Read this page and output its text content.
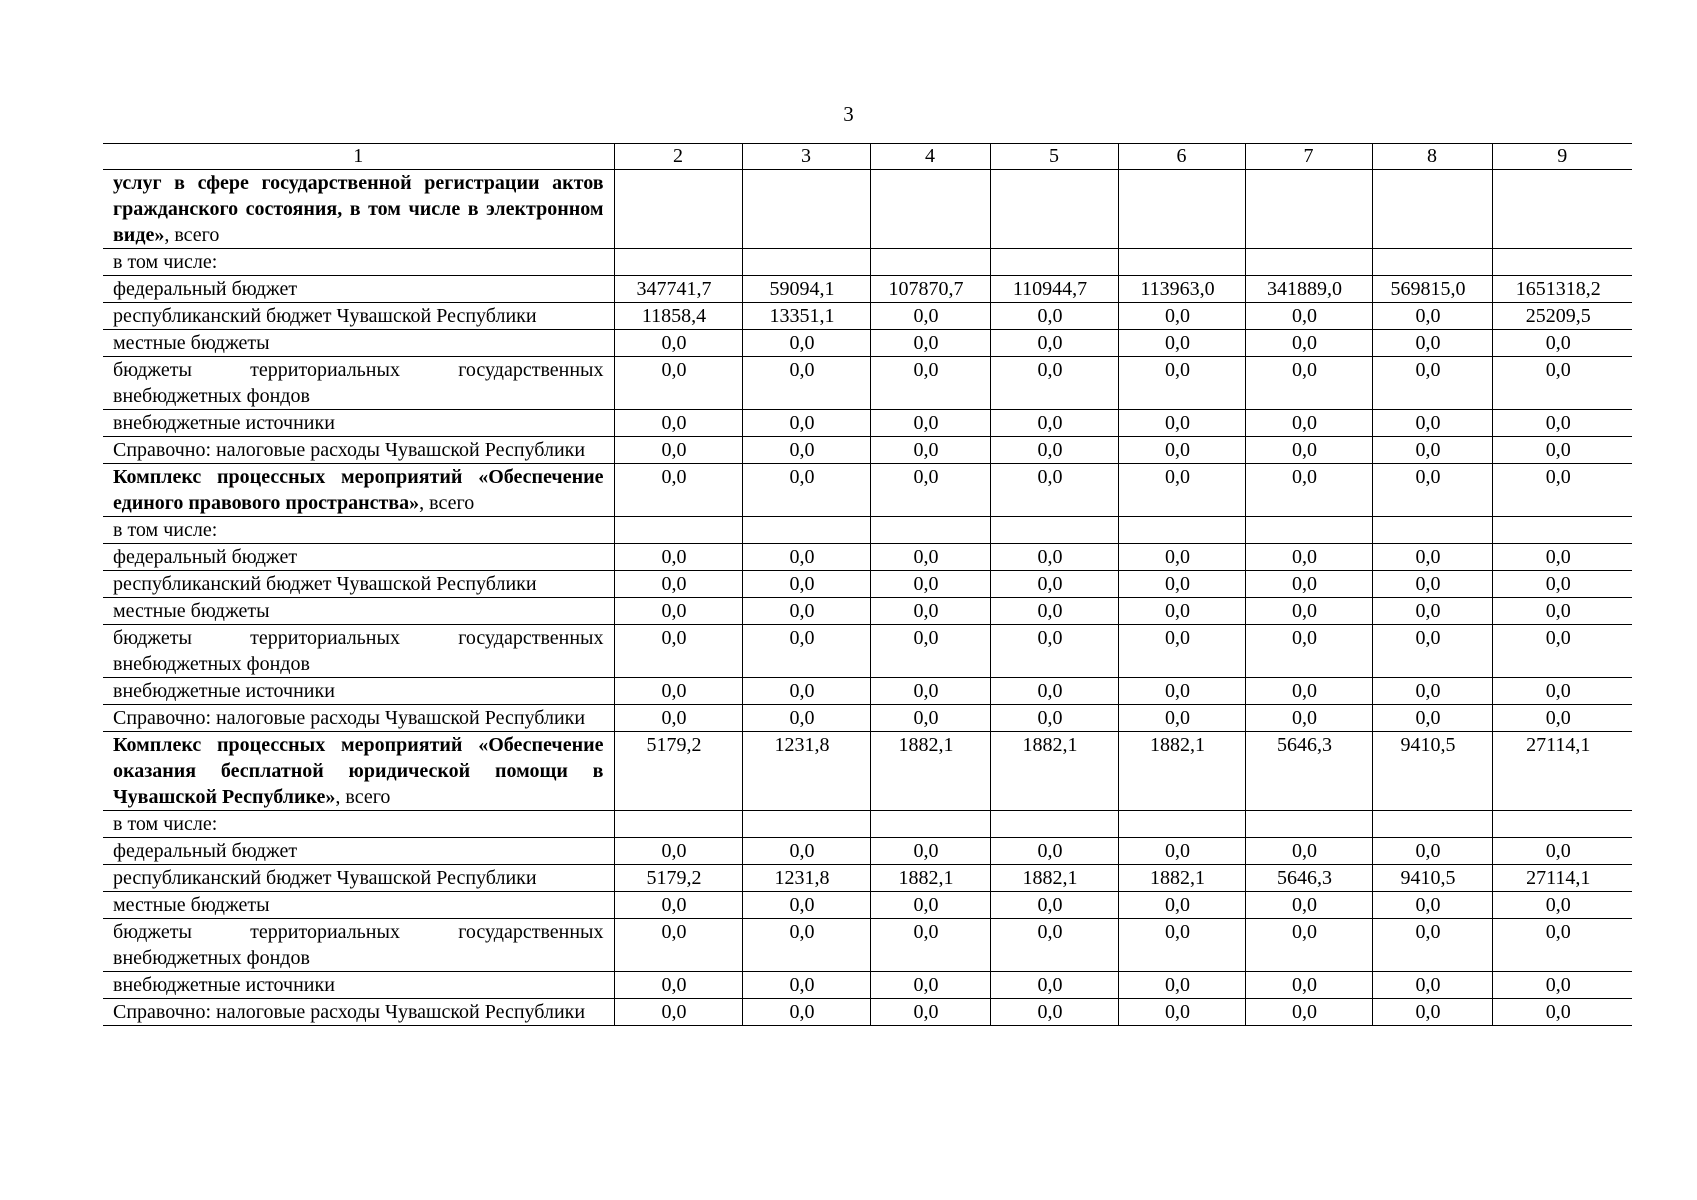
3
1	2	3	4	5	6	7	8	9
услуг в сфере государственной регистрации актов гражданского состояния, в том числе в электронном виде», всего								
в том числе:								
федеральный бюджет	347741,7	59094,1	107870,7	110944,7	113963,0	341889,0	569815,0	1651318,2
республиканский бюджет Чувашской Республики	11858,4	13351,1	0,0	0,0	0,0	0,0	0,0	25209,5
местные бюджеты	0,0	0,0	0,0	0,0	0,0	0,0	0,0	0,0
бюджеты территориальных государственных внебюджетных фондов	0,0	0,0	0,0	0,0	0,0	0,0	0,0	0,0
внебюджетные источники	0,0	0,0	0,0	0,0	0,0	0,0	0,0	0,0
Справочно: налоговые расходы Чувашской Республики	0,0	0,0	0,0	0,0	0,0	0,0	0,0	0,0
Комплекс процессных мероприятий «Обеспечение единого правового пространства», всего	0,0	0,0	0,0	0,0	0,0	0,0	0,0	0,0
в том числе:								
федеральный бюджет	0,0	0,0	0,0	0,0	0,0	0,0	0,0	0,0
республиканский бюджет Чувашской Республики	0,0	0,0	0,0	0,0	0,0	0,0	0,0	0,0
местные бюджеты	0,0	0,0	0,0	0,0	0,0	0,0	0,0	0,0
бюджеты территориальных государственных внебюджетных фондов	0,0	0,0	0,0	0,0	0,0	0,0	0,0	0,0
внебюджетные источники	0,0	0,0	0,0	0,0	0,0	0,0	0,0	0,0
Справочно: налоговые расходы Чувашской Республики	0,0	0,0	0,0	0,0	0,0	0,0	0,0	0,0
Комплекс процессных мероприятий «Обеспечение оказания бесплатной юридической помощи в Чувашской Республике», всего	5179,2	1231,8	1882,1	1882,1	1882,1	5646,3	9410,5	27114,1
в том числе:								
федеральный бюджет	0,0	0,0	0,0	0,0	0,0	0,0	0,0	0,0
республиканский бюджет Чувашской Республики	5179,2	1231,8	1882,1	1882,1	1882,1	5646,3	9410,5	27114,1
местные бюджеты	0,0	0,0	0,0	0,0	0,0	0,0	0,0	0,0
бюджеты территориальных государственных внебюджетных фондов	0,0	0,0	0,0	0,0	0,0	0,0	0,0	0,0
внебюджетные источники	0,0	0,0	0,0	0,0	0,0	0,0	0,0	0,0
Справочно: налоговые расходы Чувашской Республики	0,0	0,0	0,0	0,0	0,0	0,0	0,0	0,0
